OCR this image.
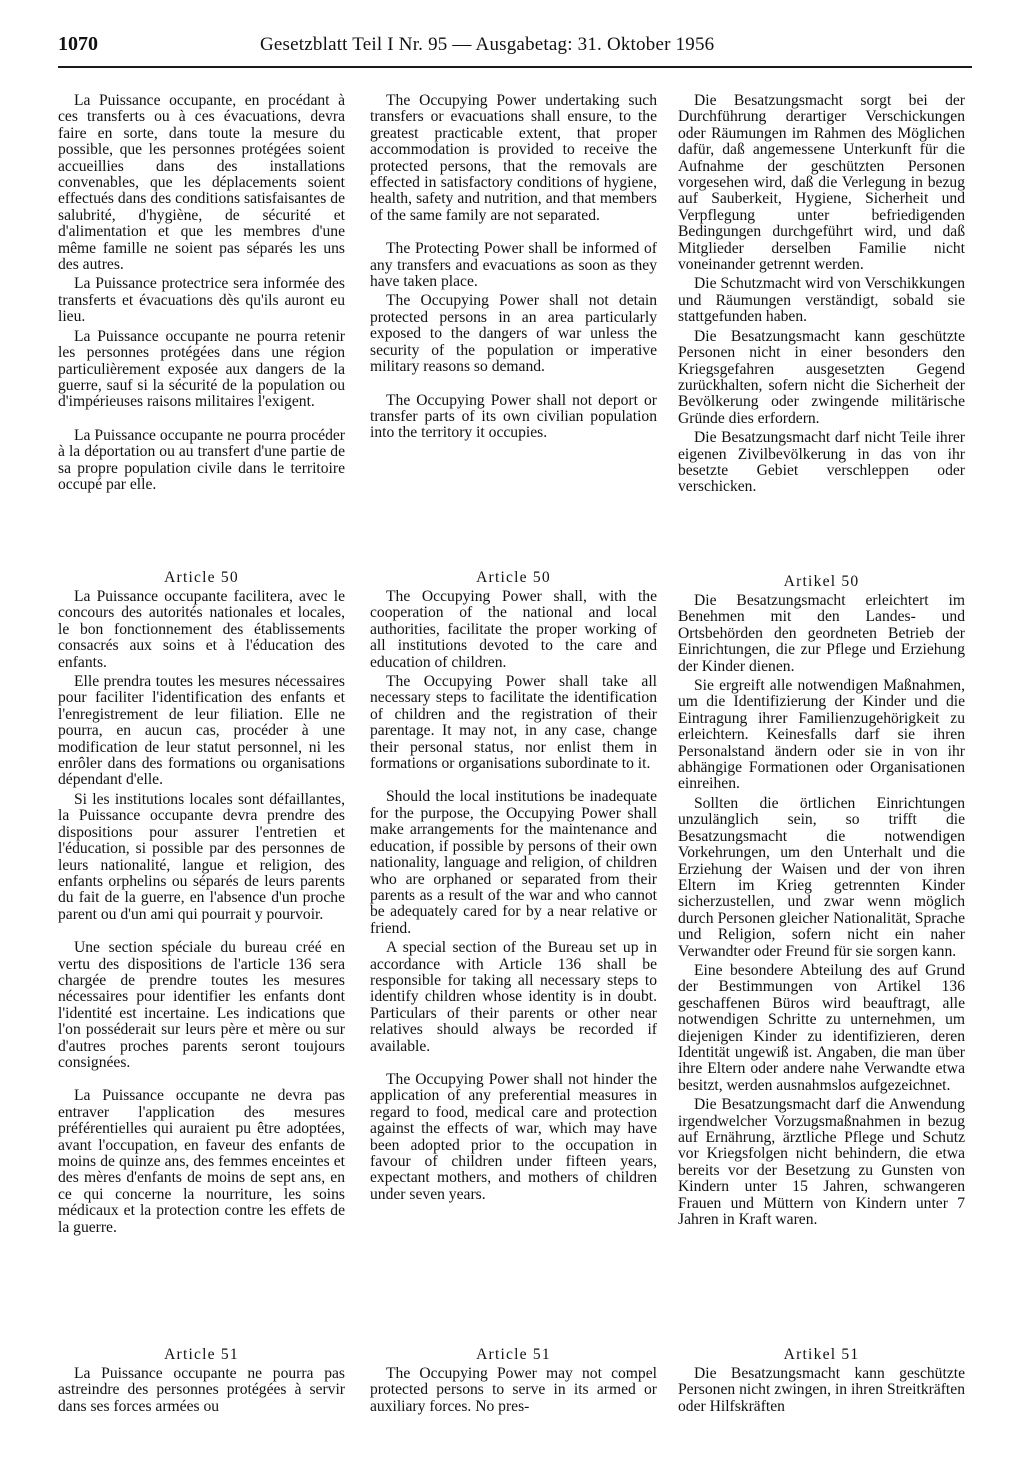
1070	Gesetzblatt Teil I Nr. 95 — Ausgabetag: 31. Oktober 1956

La Puissance occupante, en procédant à ces transferts ou à ces évacuations, devra faire en sorte, dans toute la mesure du possible, que les personnes protégées soient accueillies dans des installations convenables, que les déplacements soient effectués dans des conditions satisfaisantes de salubrité, d'hygiène, de sécurité et d'alimentation et que les membres d'une même famille ne soient pas séparés les uns des autres.

La Puissance protectrice sera informée des transferts et évacuations dès qu'ils auront eu lieu.

La Puissance occupante ne pourra retenir les personnes protégées dans une région particulièrement exposée aux dangers de la guerre, sauf si la sécurité de la population ou d'impérieuses raisons militaires l'exigent.

La Puissance occupante ne pourra procéder à la déportation ou au transfert d'une partie de sa propre population civile dans le territoire occupé par elle.

Article 50

La Puissance occupante facilitera, avec le concours des autorités nationales et locales, le bon fonctionnement des établissements consacrés aux soins et à l'éducation des enfants.

Elle prendra toutes les mesures nécessaires pour faciliter l'identification des enfants et l'enregistrement de leur filiation. Elle ne pourra, en aucun cas, procéder à une modification de leur statut personnel, ni les enrôler dans des formations ou organisations dépendant d'elle.

Si les institutions locales sont défaillantes, la Puissance occupante devra prendre des dispositions pour assurer l'entretien et l'éducation, si possible par des personnes de leurs nationalité, langue et religion, des enfants orphelins ou séparés de leurs parents du fait de la guerre, en l'absence d'un proche parent ou d'un ami qui pourrait y pourvoir.

Une section spéciale du bureau créé en vertu des dispositions de l'article 136 sera chargée de prendre toutes les mesures nécessaires pour identifier les enfants dont l'identité est incertaine. Les indications que l'on posséderait sur leurs père et mère ou sur d'autres proches parents seront toujours consignées.

La Puissance occupante ne devra pas entraver l'application des mesures préférentielles qui auraient pu être adoptées, avant l'occupation, en faveur des enfants de moins de quinze ans, des femmes enceintes et des mères d'enfants de moins de sept ans, en ce qui concerne la nourriture, les soins médicaux et la protection contre les effets de la guerre.

Article 51

La Puissance occupante ne pourra pas astreindre des personnes protégées à servir dans ses forces armées ou

The Occupying Power undertaking such transfers or evacuations shall ensure, to the greatest practicable extent, that proper accommodation is provided to receive the protected persons, that the removals are effected in satisfactory conditions of hygiene, health, safety and nutrition, and that members of the same family are not separated.

The Protecting Power shall be informed of any transfers and evacuations as soon as they have taken place.

The Occupying Power shall not detain protected persons in an area particularly exposed to the dangers of war unless the security of the population or imperative military reasons so demand.

The Occupying Power shall not deport or transfer parts of its own civilian population into the territory it occupies.

Article 50

The Occupying Power shall, with the cooperation of the national and local authorities, facilitate the proper working of all institutions devoted to the care and education of children.

The Occupying Power shall take all necessary steps to facilitate the identification of children and the registration of their parentage. It may not, in any case, change their personal status, nor enlist them in formations or organisations subordinate to it.

Should the local institutions be inadequate for the purpose, the Occupying Power shall make arrangements for the maintenance and education, if possible by persons of their own nationality, language and religion, of children who are orphaned or separated from their parents as a result of the war and who cannot be adequately cared for by a near relative or friend.

A special section of the Bureau set up in accordance with Article 136 shall be responsible for taking all necessary steps to identify children whose identity is in doubt. Particulars of their parents or other near relatives should always be recorded if available.

The Occupying Power shall not hinder the application of any preferential measures in regard to food, medical care and protection against the effects of war, which may have been adopted prior to the occupation in favour of children under fifteen years, expectant mothers, and mothers of children under seven years.

Article 51

The Occupying Power may not compel protected persons to serve in its armed or auxiliary forces. No pres-

Die Besatzungsmacht sorgt bei der Durchführung derartiger Verschickungen oder Räumungen im Rahmen des Möglichen dafür, daß angemessene Unterkunft für die Aufnahme der geschützten Personen vorgesehen wird, daß die Verlegung in bezug auf Sauberkeit, Hygiene, Sicherheit und Verpflegung unter befriedigenden Bedingungen durchgeführt wird, und daß Mitglieder derselben Familie nicht voneinander getrennt werden.

Die Schutzmacht wird von Verschikkungen und Räumungen verständigt, sobald sie stattgefunden haben.

Die Besatzungsmacht kann geschützte Personen nicht in einer besonders den Kriegsgefahren ausgesetzten Gegend zurückhalten, sofern nicht die Sicherheit der Bevölkerung oder zwingende militärische Gründe dies erfordern.

Die Besatzungsmacht darf nicht Teile ihrer eigenen Zivilbevölkerung in das von ihr besetzte Gebiet verschleppen oder verschicken.

Artikel 50

Die Besatzungsmacht erleichtert im Benehmen mit den Landes- und Ortsbehörden den geordneten Betrieb der Einrichtungen, die zur Pflege und Erziehung der Kinder dienen.

Sie ergreift alle notwendigen Maßnahmen, um die Identifizierung der Kinder und die Eintragung ihrer Familienzugehörigkeit zu erleichtern. Keinesfalls darf sie ihren Personalstand ändern oder sie in von ihr abhängige Formationen oder Organisationen einreihen.

Sollten die örtlichen Einrichtungen unzulänglich sein, so trifft die Besatzungsmacht die notwendigen Vorkehrungen, um den Unterhalt und die Erziehung der Waisen und der von ihren Eltern im Krieg getrennten Kinder sicherzustellen, und zwar wenn möglich durch Personen gleicher Nationalität, Sprache und Religion, sofern nicht ein naher Verwandter oder Freund für sie sorgen kann.

Eine besondere Abteilung des auf Grund der Bestimmungen von Artikel 136 geschaffenen Büros wird beauftragt, alle notwendigen Schritte zu unternehmen, um diejenigen Kinder zu identifizieren, deren Identität ungewiß ist. Angaben, die man über ihre Eltern oder andere nahe Verwandte etwa besitzt, werden ausnahmslos aufgezeichnet.

Die Besatzungsmacht darf die Anwendung irgendwelcher Vorzugsmaßnahmen in bezug auf Ernährung, ärztliche Pflege und Schutz vor Kriegsfolgen nicht behindern, die etwa bereits vor der Besetzung zu Gunsten von Kindern unter 15 Jahren, schwangeren Frauen und Müttern von Kindern unter 7 Jahren in Kraft waren.

Artikel 51

Die Besatzungsmacht kann geschützte Personen nicht zwingen, in ihren Streitkräften oder Hilfskräften
